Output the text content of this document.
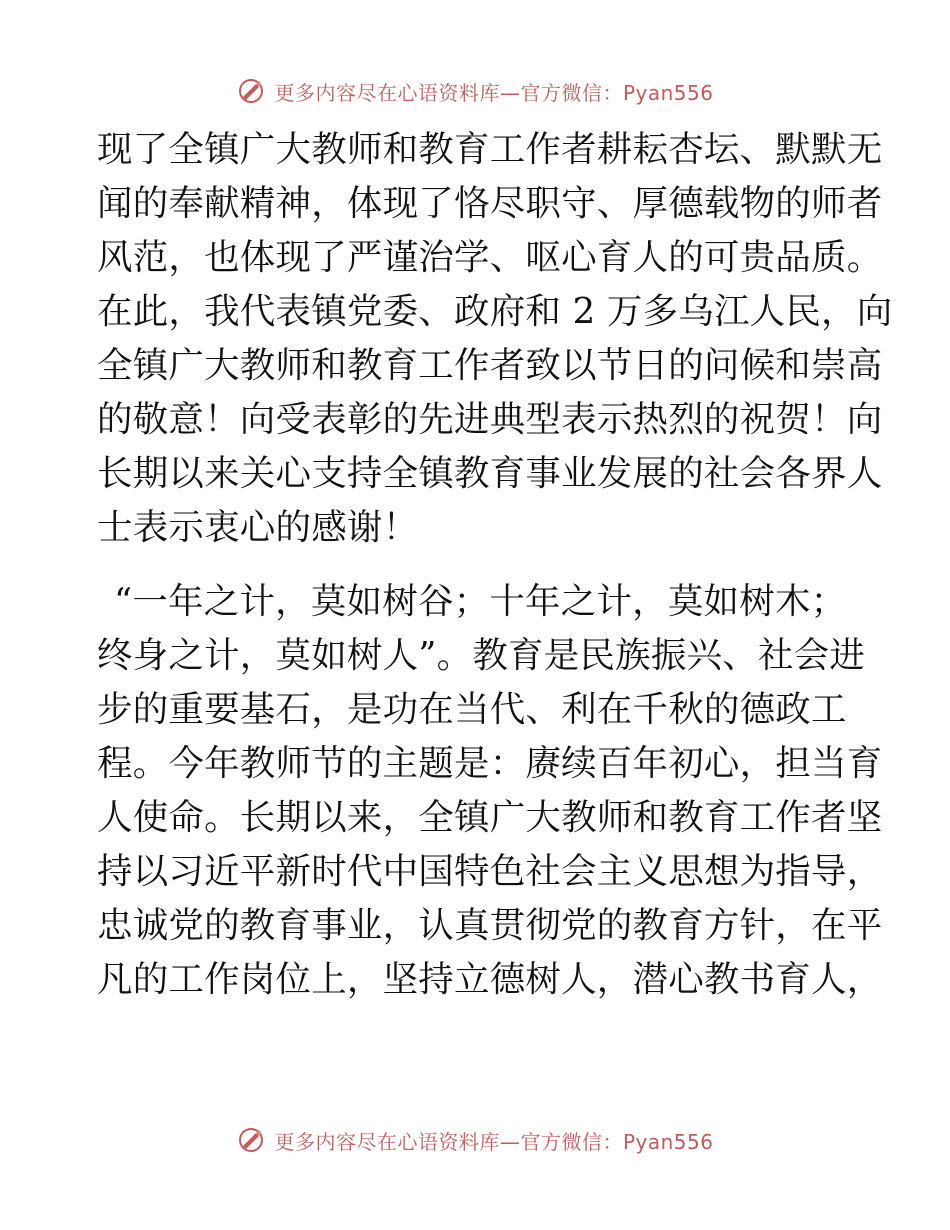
更多内容尽在心语资料库—官方微信：Pyan556
现了全镇广大教师和教育工作者耕耘杏坛、默默无
闻的奉献精神，体现了恪尽职守、厚德载物的师者
风范，也体现了严谨治学、呕心育人的可贵品质。
在此，我代表镇党委、政府和 2 万多乌江人民，向
全镇广大教师和教育工作者致以节日的问候和崇高
的敬意！向受表彰的先进典型表示热烈的祝贺！向
长期以来关心支持全镇教育事业发展的社会各界人
士表示衷心的感谢！
“一年之计，莫如树谷；十年之计，莫如树木；
终身之计，莫如树人”。教育是民族振兴、社会进
步的重要基石，是功在当代、利在千秋的德政工
程。今年教师节的主题是：赓续百年初心，担当育
人使命。长期以来，全镇广大教师和教育工作者坚
持以习近平新时代中国特色社会主义思想为指导，
忠诚党的教育事业，认真贯彻党的教育方针，在平
凡的工作岗位上，坚持立德树人，潜心教书育人，
更多内容尽在心语资料库—官方微信：Pyan556
